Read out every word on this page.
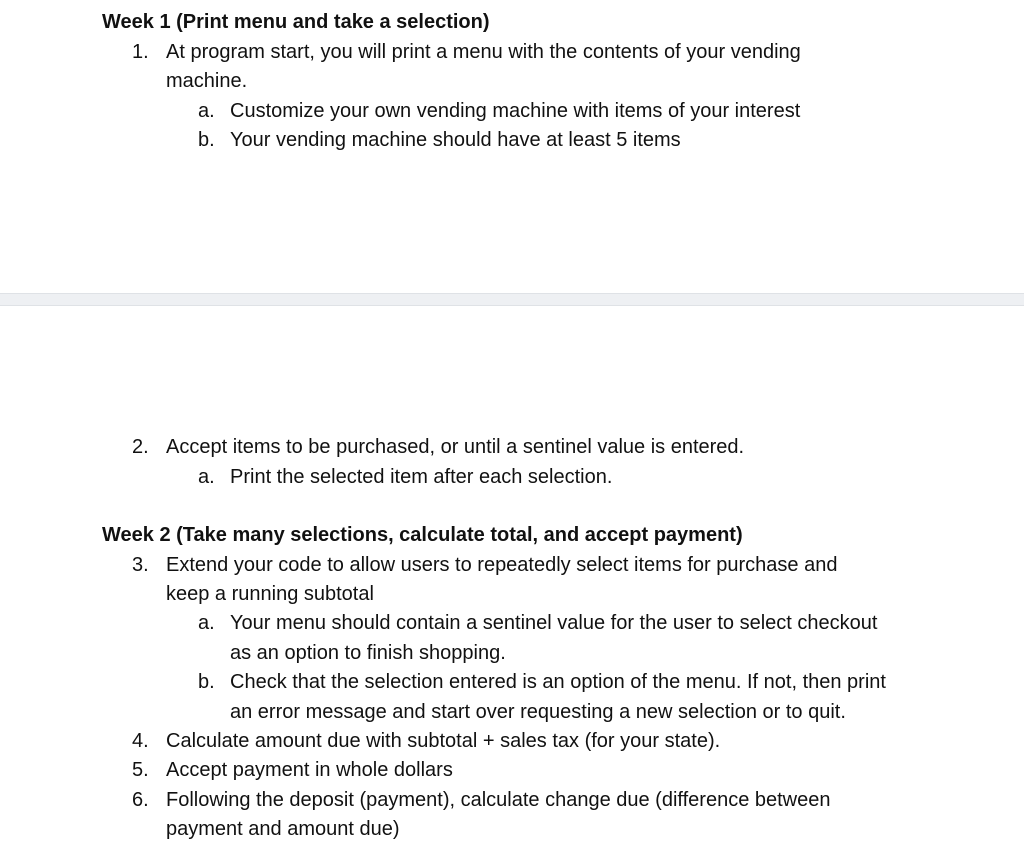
Week 1 (Print menu and take a selection)
1. At program start, you will print a menu with the contents of your vending
machine.
a. Customize your own vending machine with items of your interest
b. Your vending machine should have at least 5 items
2. Accept items to be purchased, or until a sentinel value is entered.
a. Print the selected item after each selection.
Week 2 (Take many selections, calculate total, and accept payment)
3. Extend your code to allow users to repeatedly select items for purchase and
keep a running subtotal
a. Your menu should contain a sentinel value for the user to select checkout
as an option to finish shopping.
b. Check that the selection entered is an option of the menu. If not, then print
an error message and start over requesting a new selection or to quit.
4. Calculate amount due with subtotal + sales tax (for your state).
5. Accept payment in whole dollars
6. Following the deposit (payment), calculate change due (difference between
payment and amount due)
